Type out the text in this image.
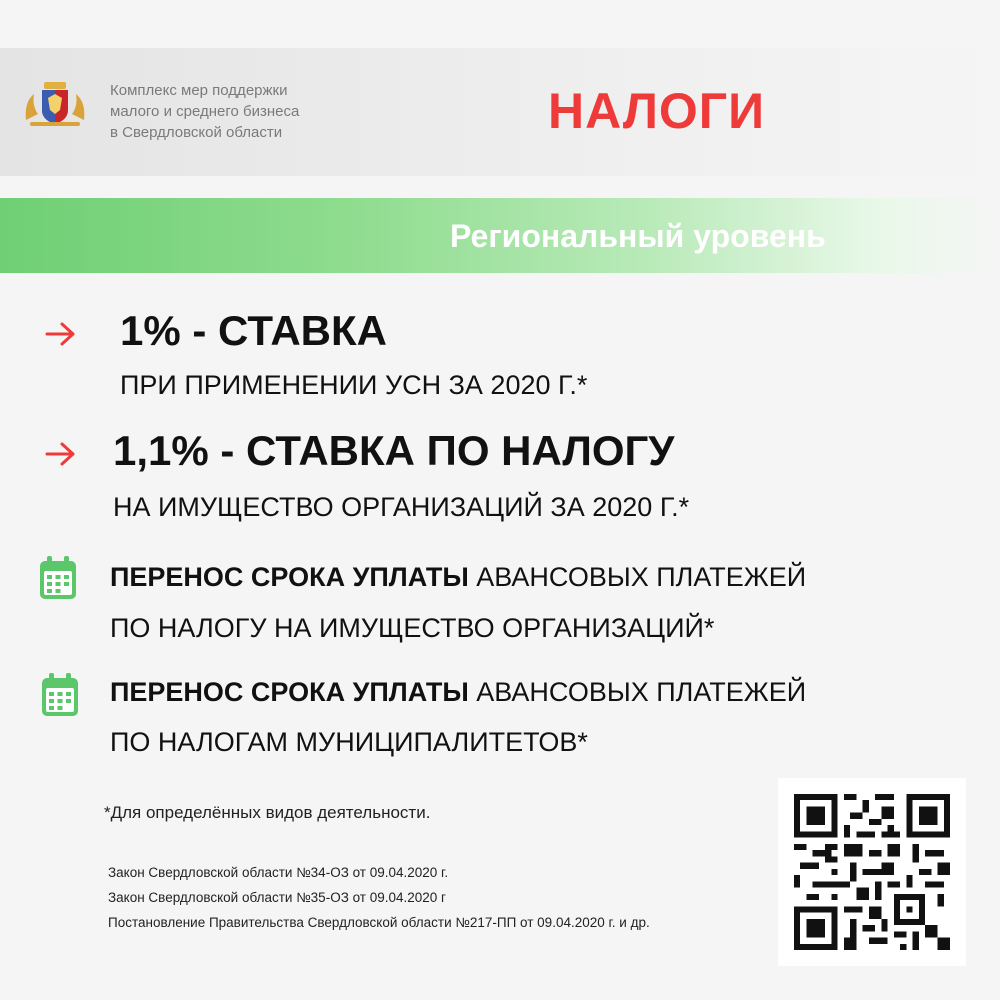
Комплекс мер поддержки
малого и среднего бизнеса
в Свердловской области	НАЛОГИ
Региональный уровень
1% - СТАВКА
ПРИ ПРИМЕНЕНИИ УСН ЗА 2020 Г.*
1,1% - СТАВКА ПО НАЛОГУ
НА ИМУЩЕСТВО ОРГАНИЗАЦИЙ ЗА 2020 Г.*
ПЕРЕНОС СРОКА УПЛАТЫ АВАНСОВЫХ ПЛАТЕЖЕЙ
ПО НАЛОГУ НА ИМУЩЕСТВО ОРГАНИЗАЦИЙ*
ПЕРЕНОС СРОКА УПЛАТЫ АВАНСОВЫХ ПЛАТЕЖЕЙ
ПО НАЛОГАМ МУНИЦИПАЛИТЕТОВ*
*Для определённых видов деятельности.
Закон Свердловской области №34-ОЗ от 09.04.2020 г.
Закон Свердловской области №35-ОЗ от 09.04.2020 г
Постановление Правительства Свердловской области №217-ПП от 09.04.2020 г. и др.
